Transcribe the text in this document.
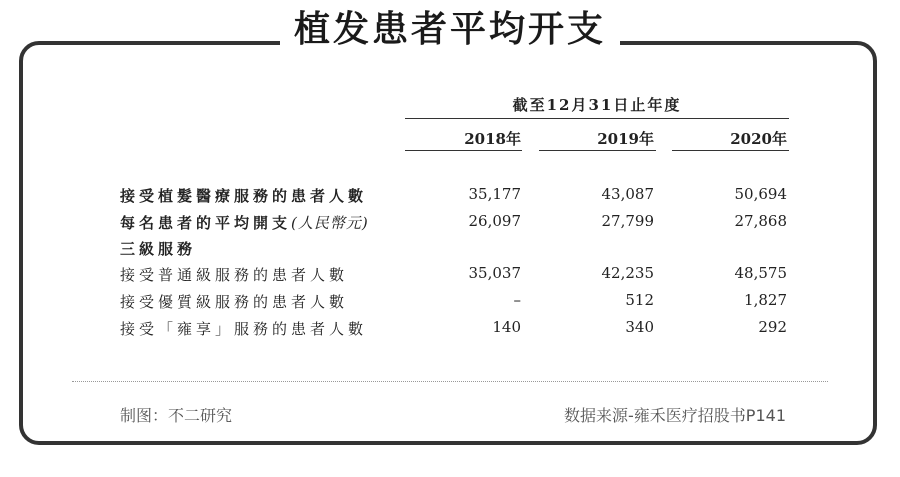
植发患者平均开支
截至12月31日止年度
2018年	2019年	2020年
接受植髮醫療服務的患者人數	35,177	43,087	50,694
每名患者的平均開支(人民幣元)	26,097	27,799	27,868
三級服務
接受普通級服務的患者人數	35,037	42,235	48,575
接受優質級服務的患者人數	–	512	1,827
接受「雍享」服務的患者人數	140	340	292
制图：不二研究	数据来源-雍禾医疗招股书P141
